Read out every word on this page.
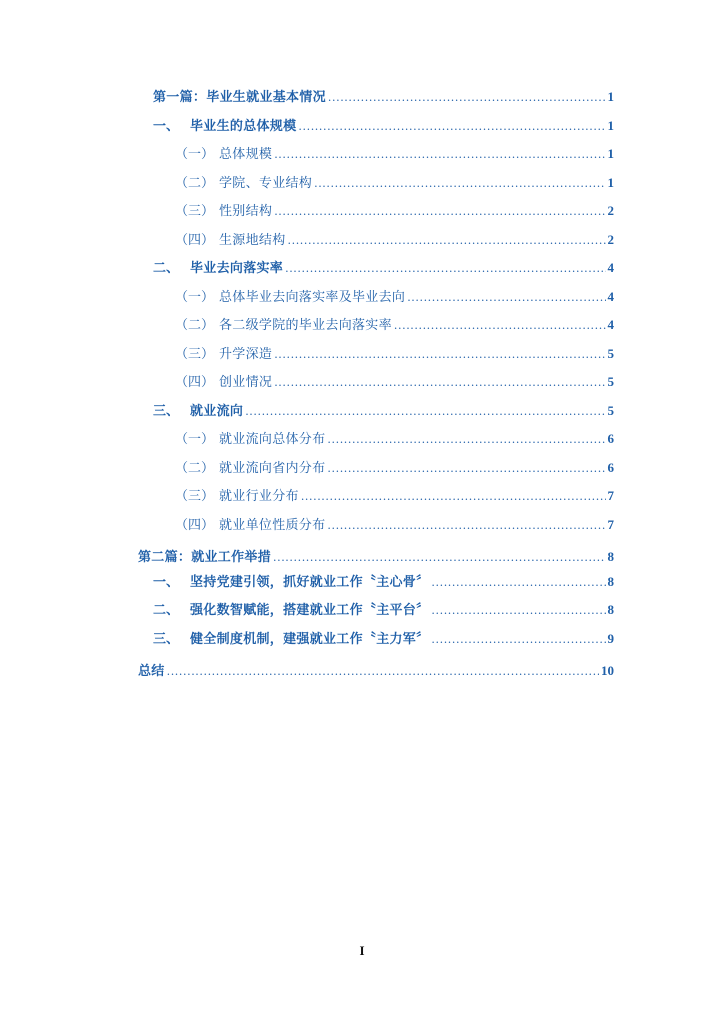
第一篇：毕业生就业基本情况 .....	1
一、 毕业生的总体规模 .....	1
（一） 总体规模 .....	1
（二） 学院、专业结构 .....	1
（三） 性别结构 .....	2
（四） 生源地结构 .....	2
二、 毕业去向落实率 .....	4
（一） 总体毕业去向落实率及毕业去向 .....	4
（二） 各二级学院的毕业去向落实率 .....	4
（三） 升学深造 .....	5
（四） 创业情况 .....	5
三、 就业流向 .....	5
（一） 就业流向总体分布 .....	6
（二） 就业流向省内分布 .....	6
（三） 就业行业分布 .....	7
（四） 就业单位性质分布 .....	7
第二篇：就业工作举措 .....	8
一、 坚持党建引领，抓好就业工作〝主心骨〞 .....	8
二、 强化数智赋能，搭建就业工作〝主平台〞 .....	8
三、 健全制度机制，建强就业工作〝主力军〞 .....	9
总结 .....	10
I
